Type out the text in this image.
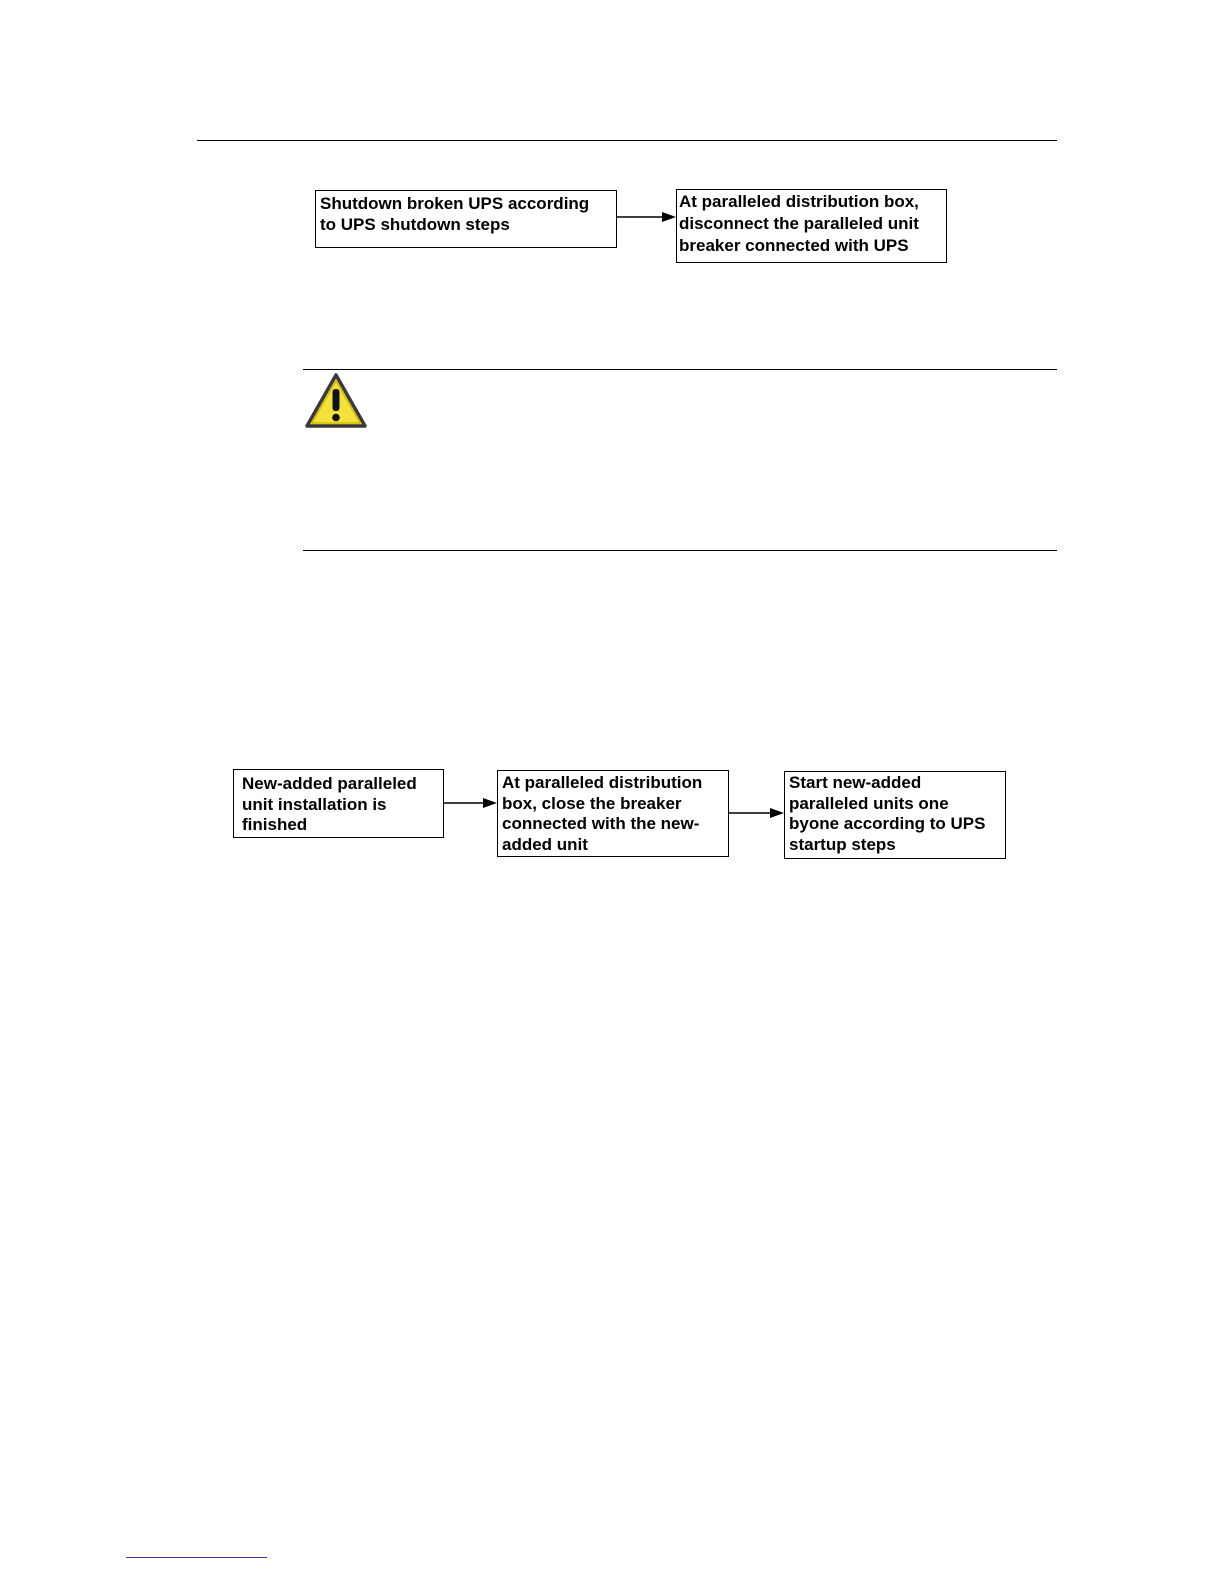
Shutdown broken UPS according
to UPS shutdown steps
At paralleled distribution box,
disconnect the paralleled unit
breaker connected with UPS
New-added paralleled
unit installation is
finished
At paralleled distribution
box, close the breaker
connected with the new-
added unit
Start new-added
paralleled units one
byone according to UPS
startup steps
